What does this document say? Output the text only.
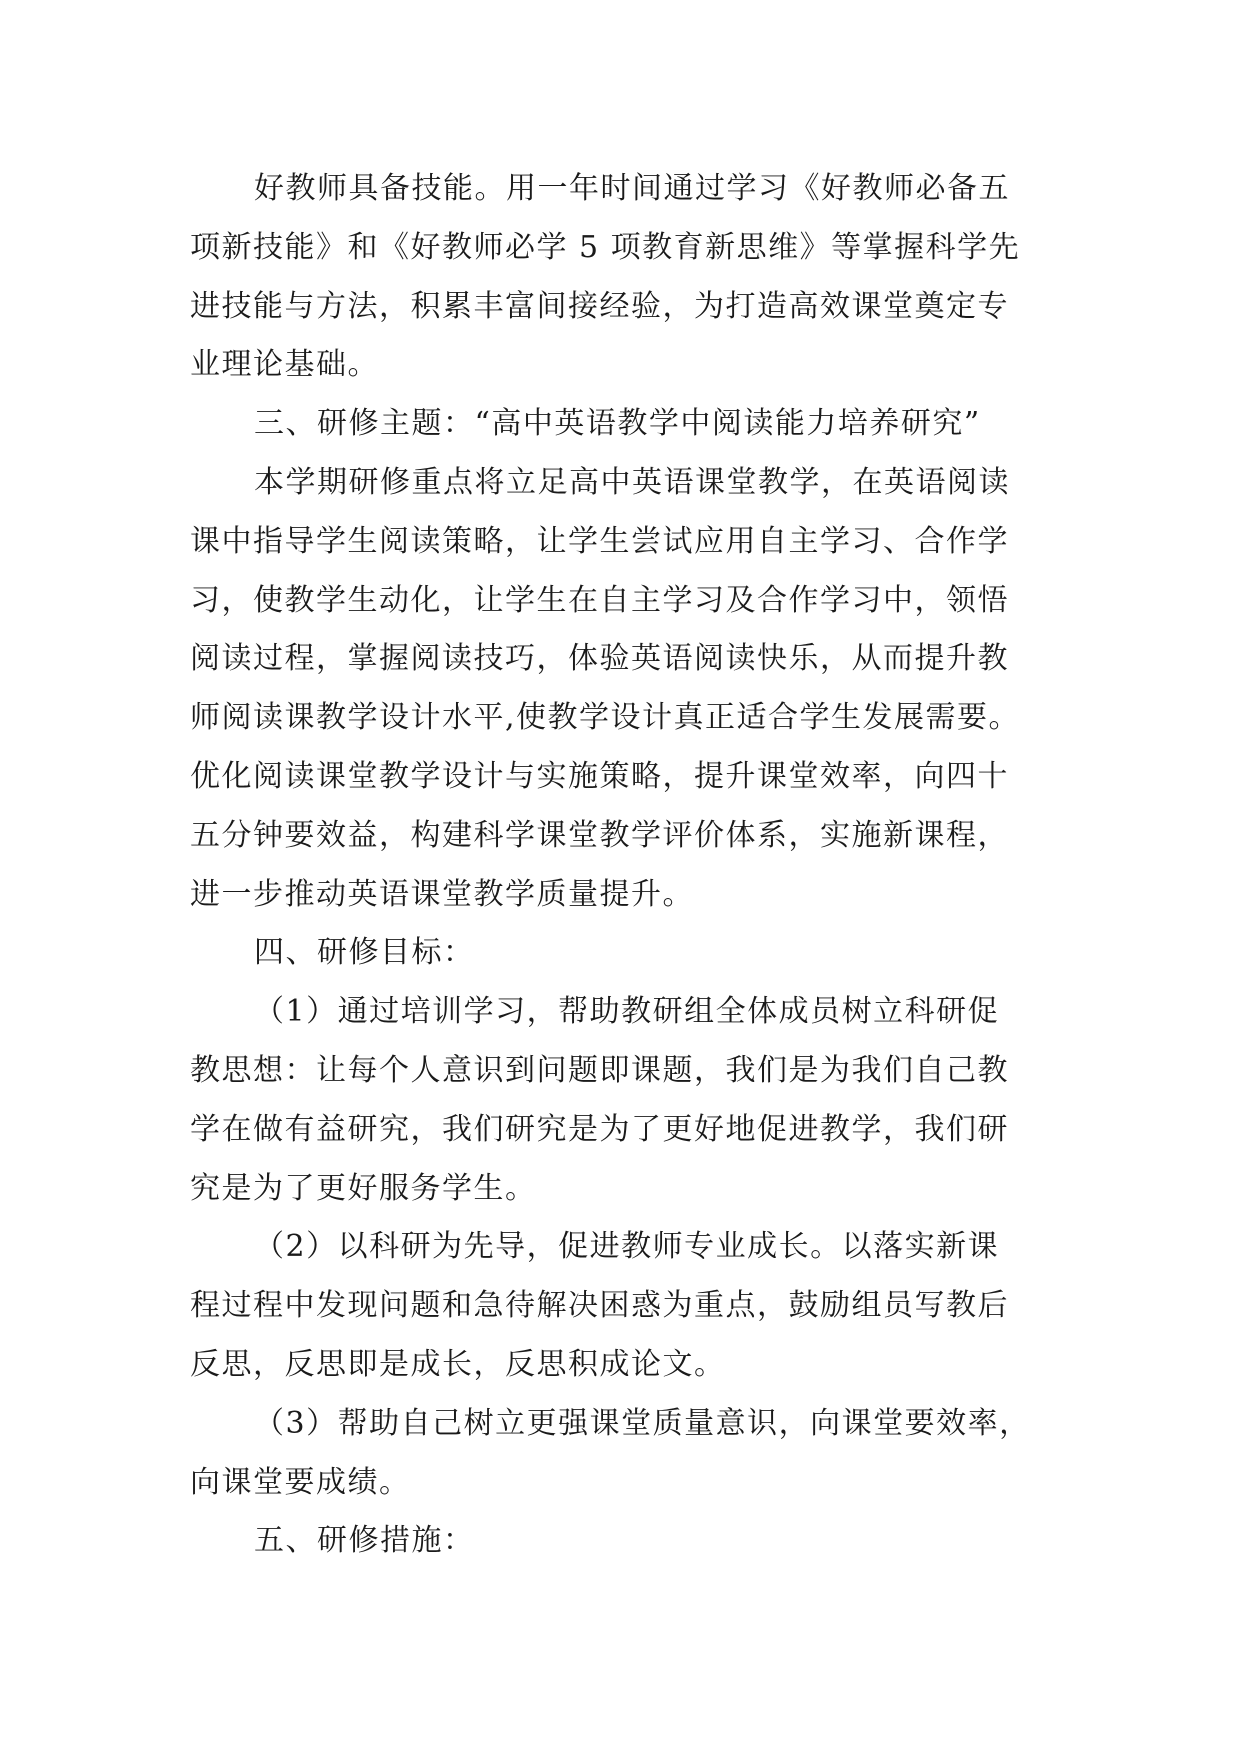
好教师具备技能。用一年时间通过学习《好教师必备五
项新技能》和《好教师必学 5 项教育新思维》等掌握科学先
进技能与方法，积累丰富间接经验，为打造高效课堂奠定专
业理论基础。
三、研修主题：“高中英语教学中阅读能力培养研究”
本学期研修重点将立足高中英语课堂教学，在英语阅读
课中指导学生阅读策略，让学生尝试应用自主学习、合作学
习，使教学生动化，让学生在自主学习及合作学习中，领悟
阅读过程，掌握阅读技巧，体验英语阅读快乐，从而提升教
师阅读课教学设计水平,使教学设计真正适合学生发展需要。
优化阅读课堂教学设计与实施策略，提升课堂效率，向四十
五分钟要效益，构建科学课堂教学评价体系，实施新课程，
进一步推动英语课堂教学质量提升。
四、研修目标：
（1）通过培训学习，帮助教研组全体成员树立科研促
教思想：让每个人意识到问题即课题，我们是为我们自己教
学在做有益研究，我们研究是为了更好地促进教学，我们研
究是为了更好服务学生。
（2）以科研为先导，促进教师专业成长。以落实新课
程过程中发现问题和急待解决困惑为重点，鼓励组员写教后
反思，反思即是成长，反思积成论文。
（3）帮助自己树立更强课堂质量意识，向课堂要效率，
向课堂要成绩。
五、研修措施：
